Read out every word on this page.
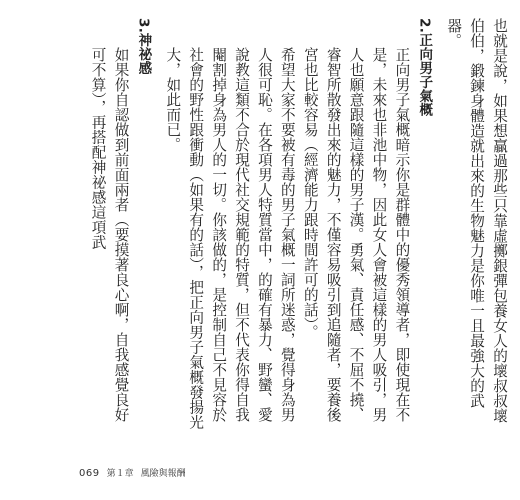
也就是說，如果想贏過那些只靠虛擲銀彈包養女人的壞叔叔壞伯伯，鍛鍊身體造就出來的生物魅力是你唯一且最強大的武器。

2.正向男子氣概

正向男子氣概暗示你是群體中的優秀領導者，即使現在不是，未來也非池中物，因此女人會被這樣的男人吸引，男人也願意跟隨這樣的男子漢。勇氣、責任感、不屈不撓、睿智所散發出來的魅力，不僅容易吸引到追隨者，要養後宮也比較容易（經濟能力跟時間許可的話）。

希望大家不要被有毒的男子氣概一詞所迷惑，覺得身為男人很可恥。在各項男人特質當中，的確有暴力、野蠻、愛說教這類不合於現代社交規範的特質，但不代表你得自我閹割掉身為男人的一切。你該做的，是控制自己不見容於社會的野性跟衝動（如果有的話），把正向男子氣概發揚光大，如此而已。

3.神祕感

如果你自認做到前面兩者（要摸著良心啊，自我感覺良好可不算），再搭配神祕感這項武

069 第１章 風險與報酬
